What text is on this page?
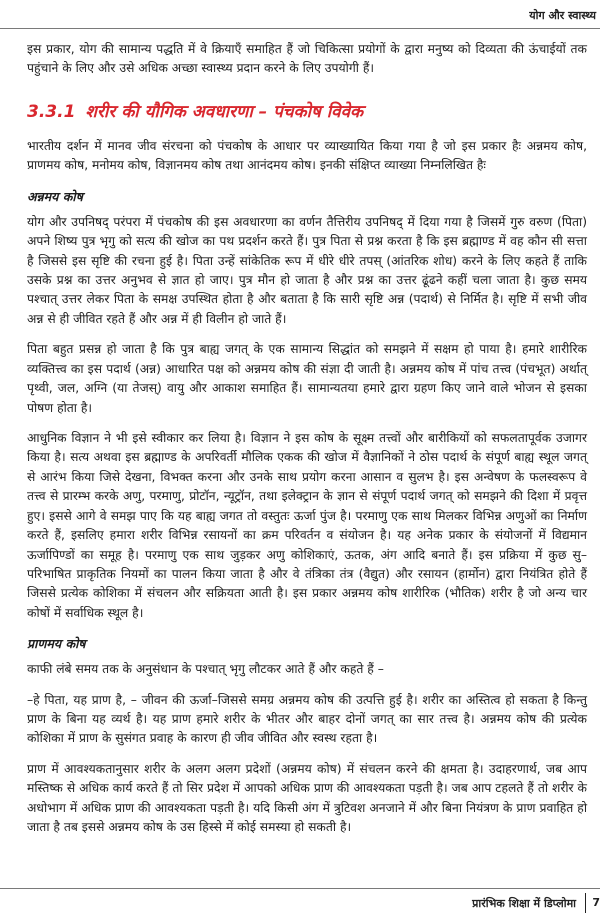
योग और स्वास्थ्य

इस प्रकार, योग की सामान्य पद्धति में वे क्रियाएँ समाहित हैं जो चिकित्सा प्रयोगों के द्वारा मनुष्य को दिव्यता की ऊंचाईयों तक पहुंचाने के लिए और उसे अधिक अच्छा स्वास्थ्य प्रदान करने के लिए उपयोगी हैं।

3.3.1 शरीर की यौगिक अवधारणा – पंचकोष विवेक

भारतीय दर्शन में मानव जीव संरचना को पंचकोष के आधार पर व्याख्यायित किया गया है जो इस प्रकार हैः अन्नमय कोष, प्राणमय कोष, मनोमय कोष, विज्ञानमय कोष तथा आनंदमय कोष। इनकी संक्षिप्त व्याख्या निम्नलिखित हैः

अन्नमय कोष

योग और उपनिषद् परंपरा में पंचकोष की इस अवधारणा का वर्णन तैत्तिरीय उपनिषद् में दिया गया है जिसमें गुरु वरुण (पिता) अपने शिष्य पुत्र भृगु को सत्य की खोज का पथ प्रदर्शन करते हैं। पुत्र पिता से प्रश्न करता है कि इस ब्रह्माण्ड में वह कौन सी सत्ता है जिससे इस सृष्टि की रचना हुई है। पिता उन्हें सांकेतिक रूप में धीरे धीरे तपस् (आंतरिक शोध) करने के लिए कहते हैं ताकि उसके प्रश्न का उत्तर अनुभव से ज्ञात हो जाए। पुत्र मौन हो जाता है और प्रश्न का उत्तर ढूंढने कहीं चला जाता है। कुछ समय पश्चात् उत्तर लेकर पिता के समक्ष उपस्थित होता है और बताता है कि सारी सृष्टि अन्न (पदार्थ) से निर्मित है। सृष्टि में सभी जीव अन्न से ही जीवित रहते हैं और अन्न में ही विलीन हो जाते हैं।

पिता बहुत प्रसन्न हो जाता है कि पुत्र बाह्य जगत् के एक सामान्य सिद्धांत को समझने में सक्षम हो पाया है। हमारे शारीरिक व्यक्तित्त्व का इस पदार्थ (अन्न) आधारित पक्ष को अन्नमय कोष की संज्ञा दी जाती है। अन्नमय कोष में पांच तत्त्व (पंचभूत) अर्थात् पृथ्वी, जल, अग्नि (या तेजस्) वायु और आकाश समाहित हैं। सामान्यतया हमारे द्वारा ग्रहण किए जाने वाले भोजन से इसका पोषण होता है।

आधुनिक विज्ञान ने भी इसे स्वीकार कर लिया है। विज्ञान ने इस कोष के सूक्ष्म तत्त्वों और बारीकियों को सफलतापूर्वक उजागर किया है। सत्य अथवा इस ब्रह्माण्ड के अपरिवर्ती मौलिक एकक की खोज में वैज्ञानिकों ने ठोस पदार्थ के संपूर्ण बाह्य स्थूल जगत् से आरंभ किया जिसे देखना, विभक्त करना और उनके साथ प्रयोग करना आसान व सुलभ है। इस अन्वेषण के फलस्वरूप वे तत्त्व से प्रारम्भ करके अणु, परमाणु, प्रोटॉन, न्यूट्रॉन, तथा इलेक्ट्रान के ज्ञान से संपूर्ण पदार्थ जगत् को समझने की दिशा में प्रवृत्त हुए। इससे आगे वे समझ पाए कि यह बाह्य जगत तो वस्तुतः ऊर्जा पुंज है। परमाणु एक साथ मिलकर विभिन्न अणुओं का निर्माण करते हैं, इसलिए हमारा शरीर विभिन्न रसायनों का क्रम परिवर्तन व संयोजन है। यह अनेक प्रकार के संयोजनों में विद्यमान ऊर्जापिण्डों का समूह है। परमाणु एक साथ जुड़कर अणु कोशिकाएं, ऊतक, अंग आदि बनाते हैं। इस प्रक्रिया में कुछ सु–परिभाषित प्राकृतिक नियमों का पालन किया जाता है और वे तंत्रिका तंत्र (वैद्युत) और रसायन (हार्मोन) द्वारा नियंत्रित होते हैं जिससे प्रत्येक कोशिका में संचलन और सक्रियता आती है। इस प्रकार अन्नमय कोष शारीरिक (भौतिक) शरीर है जो अन्य चार कोषों में सर्वाधिक स्थूल है।

प्राणमय कोष

काफी लंबे समय तक के अनुसंधान के पश्चात् भृगु लौटकर आते हैं और कहते हैं –

–हे पिता, यह प्राण है, – जीवन की ऊर्जा–जिससे समग्र अन्नमय कोष की उत्पत्ति हुई है। शरीर का अस्तित्व हो सकता है किन्तु प्राण के बिना यह व्यर्थ है। यह प्राण हमारे शरीर के भीतर और बाहर दोनों जगत् का सार तत्त्व है। अन्नमय कोष की प्रत्येक कोशिका में प्राण के सुसंगत प्रवाह के कारण ही जीव जीवित और स्वस्थ रहता है।

प्राण में आवश्यकतानुसार शरीर के अलग अलग प्रदेशों (अन्नमय कोष) में संचलन करने की क्षमता है। उदाहरणार्थ, जब आप मस्तिष्क से अधिक कार्य करते हैं तो सिर प्रदेश में आपको अधिक प्राण की आवश्यकता पड़ती है। जब आप टहलते हैं तो शरीर के अधोभाग में अधिक प्राण की आवश्यकता पड़ती है। यदि किसी अंग में त्रुटिवश अनजाने में और बिना नियंत्रण के प्राण प्रवाहित हो जाता है तब इससे अन्नमय कोष के उस हिस्से में कोई समस्या हो सकती है।

प्रारंभिक शिक्षा में डिप्लोमा 7
